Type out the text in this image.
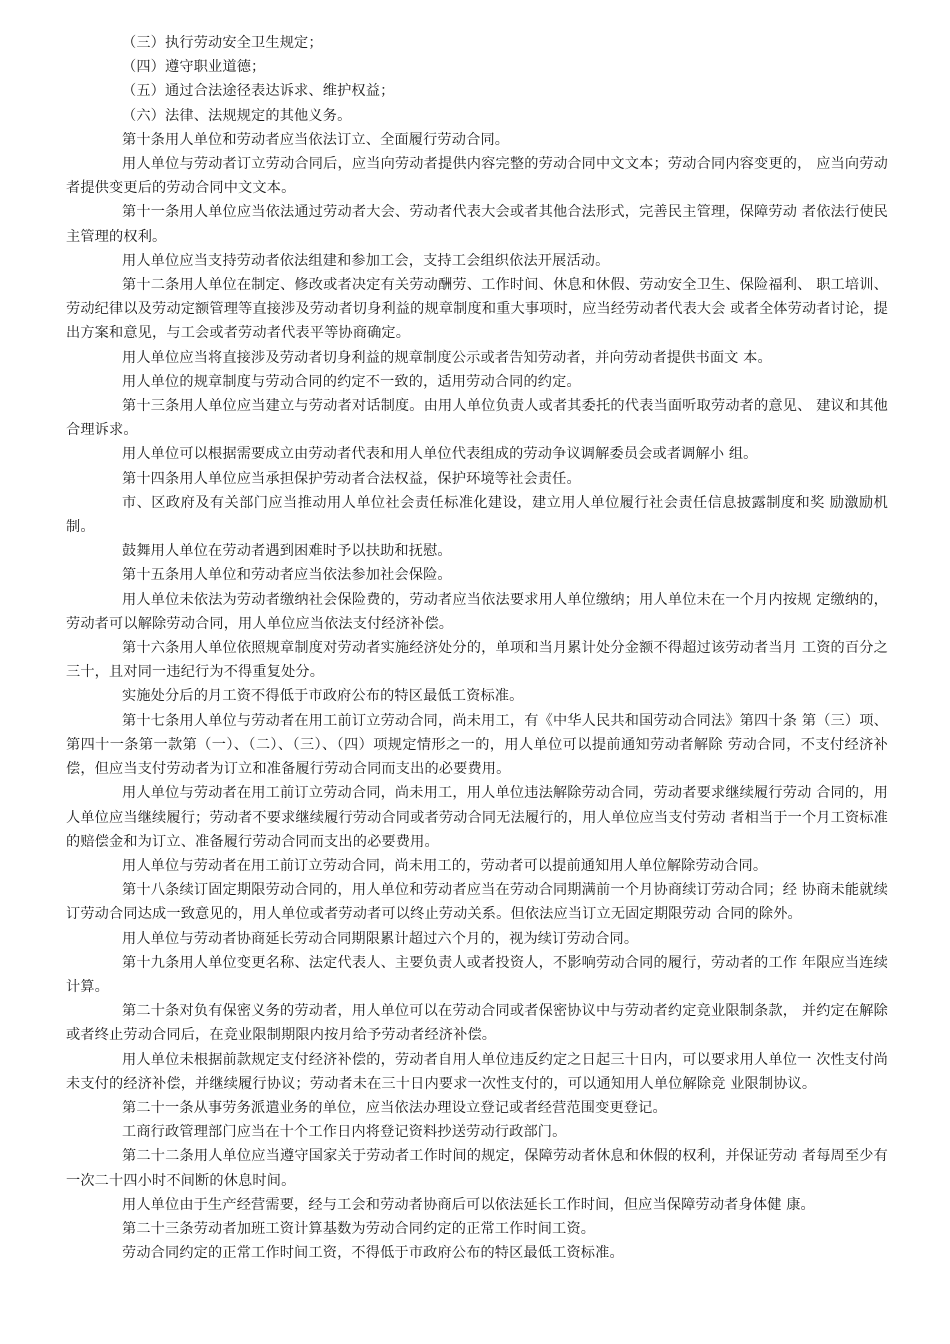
（三）执行劳动安全卫生规定；

（四）遵守职业道德；

（五）通过合法途径表达诉求、维护权益；

（六）法律、法规规定的其他义务。

第十条用人单位和劳动者应当依法订立、全面履行劳动合同。

用人单位与劳动者订立劳动合同后，应当向劳动者提供内容完整的劳动合同中文文本；劳动合同内容变更的， 应当向劳动者提供变更后的劳动合同中文文本。

第十一条用人单位应当依法通过劳动者大会、劳动者代表大会或者其他合法形式，完善民主管理，保障劳动 者依法行使民主管理的权利。

用人单位应当支持劳动者依法组建和参加工会，支持工会组织依法开展活动。

第十二条用人单位在制定、修改或者决定有关劳动酬劳、工作时间、休息和休假、劳动安全卫生、保险福利、 职工培训、劳动纪律以及劳动定额管理等直接涉及劳动者切身利益的规章制度和重大事项时，应当经劳动者代表大会 或者全体劳动者讨论，提出方案和意见，与工会或者劳动者代表平等协商确定。

用人单位应当将直接涉及劳动者切身利益的规章制度公示或者告知劳动者，并向劳动者提供书面文 本。

用人单位的规章制度与劳动合同的约定不一致的，适用劳动合同的约定。

第十三条用人单位应当建立与劳动者对话制度。由用人单位负责人或者其委托的代表当面听取劳动者的意见、 建议和其他合理诉求。

用人单位可以根据需要成立由劳动者代表和用人单位代表组成的劳动争议调解委员会或者调解小 组。

第十四条用人单位应当承担保护劳动者合法权益，保护环境等社会责任。

市、区政府及有关部门应当推动用人单位社会责任标准化建设，建立用人单位履行社会责任信息披露制度和奖 励激励机制。

鼓舞用人单位在劳动者遇到困难时予以扶助和抚慰。

第十五条用人单位和劳动者应当依法参加社会保险。

用人单位未依法为劳动者缴纳社会保险费的，劳动者应当依法要求用人单位缴纳；用人单位未在一个月内按规 定缴纳的，劳动者可以解除劳动合同，用人单位应当依法支付经济补偿。

第十六条用人单位依照规章制度对劳动者实施经济处分的，单项和当月累计处分金额不得超过该劳动者当月 工资的百分之三十，且对同一违纪行为不得重复处分。

实施处分后的月工资不得低于市政府公布的特区最低工资标准。

第十七条用人单位与劳动者在用工前订立劳动合同，尚未用工，有《中华人民共和国劳动合同法》第四十条 第（三）项、第四十一条第一款第（一）、（二）、（三）、（四）项规定情形之一的，用人单位可以提前通知劳动者解除 劳动合同，不支付经济补偿，但应当支付劳动者为订立和准备履行劳动合同而支出的必要费用。

用人单位与劳动者在用工前订立劳动合同，尚未用工，用人单位违法解除劳动合同，劳动者要求继续履行劳动 合同的，用人单位应当继续履行；劳动者不要求继续履行劳动合同或者劳动合同无法履行的，用人单位应当支付劳动 者相当于一个月工资标准的赔偿金和为订立、准备履行劳动合同而支出的必要费用。

用人单位与劳动者在用工前订立劳动合同，尚未用工的，劳动者可以提前通知用人单位解除劳动合同。

第十八条续订固定期限劳动合同的，用人单位和劳动者应当在劳动合同期满前一个月协商续订劳动合同；经 协商未能就续订劳动合同达成一致意见的，用人单位或者劳动者可以终止劳动关系。但依法应当订立无固定期限劳动 合同的除外。

用人单位与劳动者协商延长劳动合同期限累计超过六个月的，视为续订劳动合同。

第十九条用人单位变更名称、法定代表人、主要负责人或者投资人，不影响劳动合同的履行，劳动者的工作 年限应当连续计算。

第二十条对负有保密义务的劳动者，用人单位可以在劳动合同或者保密协议中与劳动者约定竞业限制条款， 并约定在解除或者终止劳动合同后，在竞业限制期限内按月给予劳动者经济补偿。

用人单位未根据前款规定支付经济补偿的，劳动者自用人单位违反约定之日起三十日内，可以要求用人单位一 次性支付尚未支付的经济补偿，并继续履行协议；劳动者未在三十日内要求一次性支付的，可以通知用人单位解除竞 业限制协议。

第二十一条从事劳务派遣业务的单位，应当依法办理设立登记或者经营范围变更登记。

工商行政管理部门应当在十个工作日内将登记资料抄送劳动行政部门。

第二十二条用人单位应当遵守国家关于劳动者工作时间的规定，保障劳动者休息和休假的权利，并保证劳动 者每周至少有一次二十四小时不间断的休息时间。

用人单位由于生产经营需要，经与工会和劳动者协商后可以依法延长工作时间，但应当保障劳动者身体健 康。

第二十三条劳动者加班工资计算基数为劳动合同约定的正常工作时间工资。

劳动合同约定的正常工作时间工资，不得低于市政府公布的特区最低工资标准。
